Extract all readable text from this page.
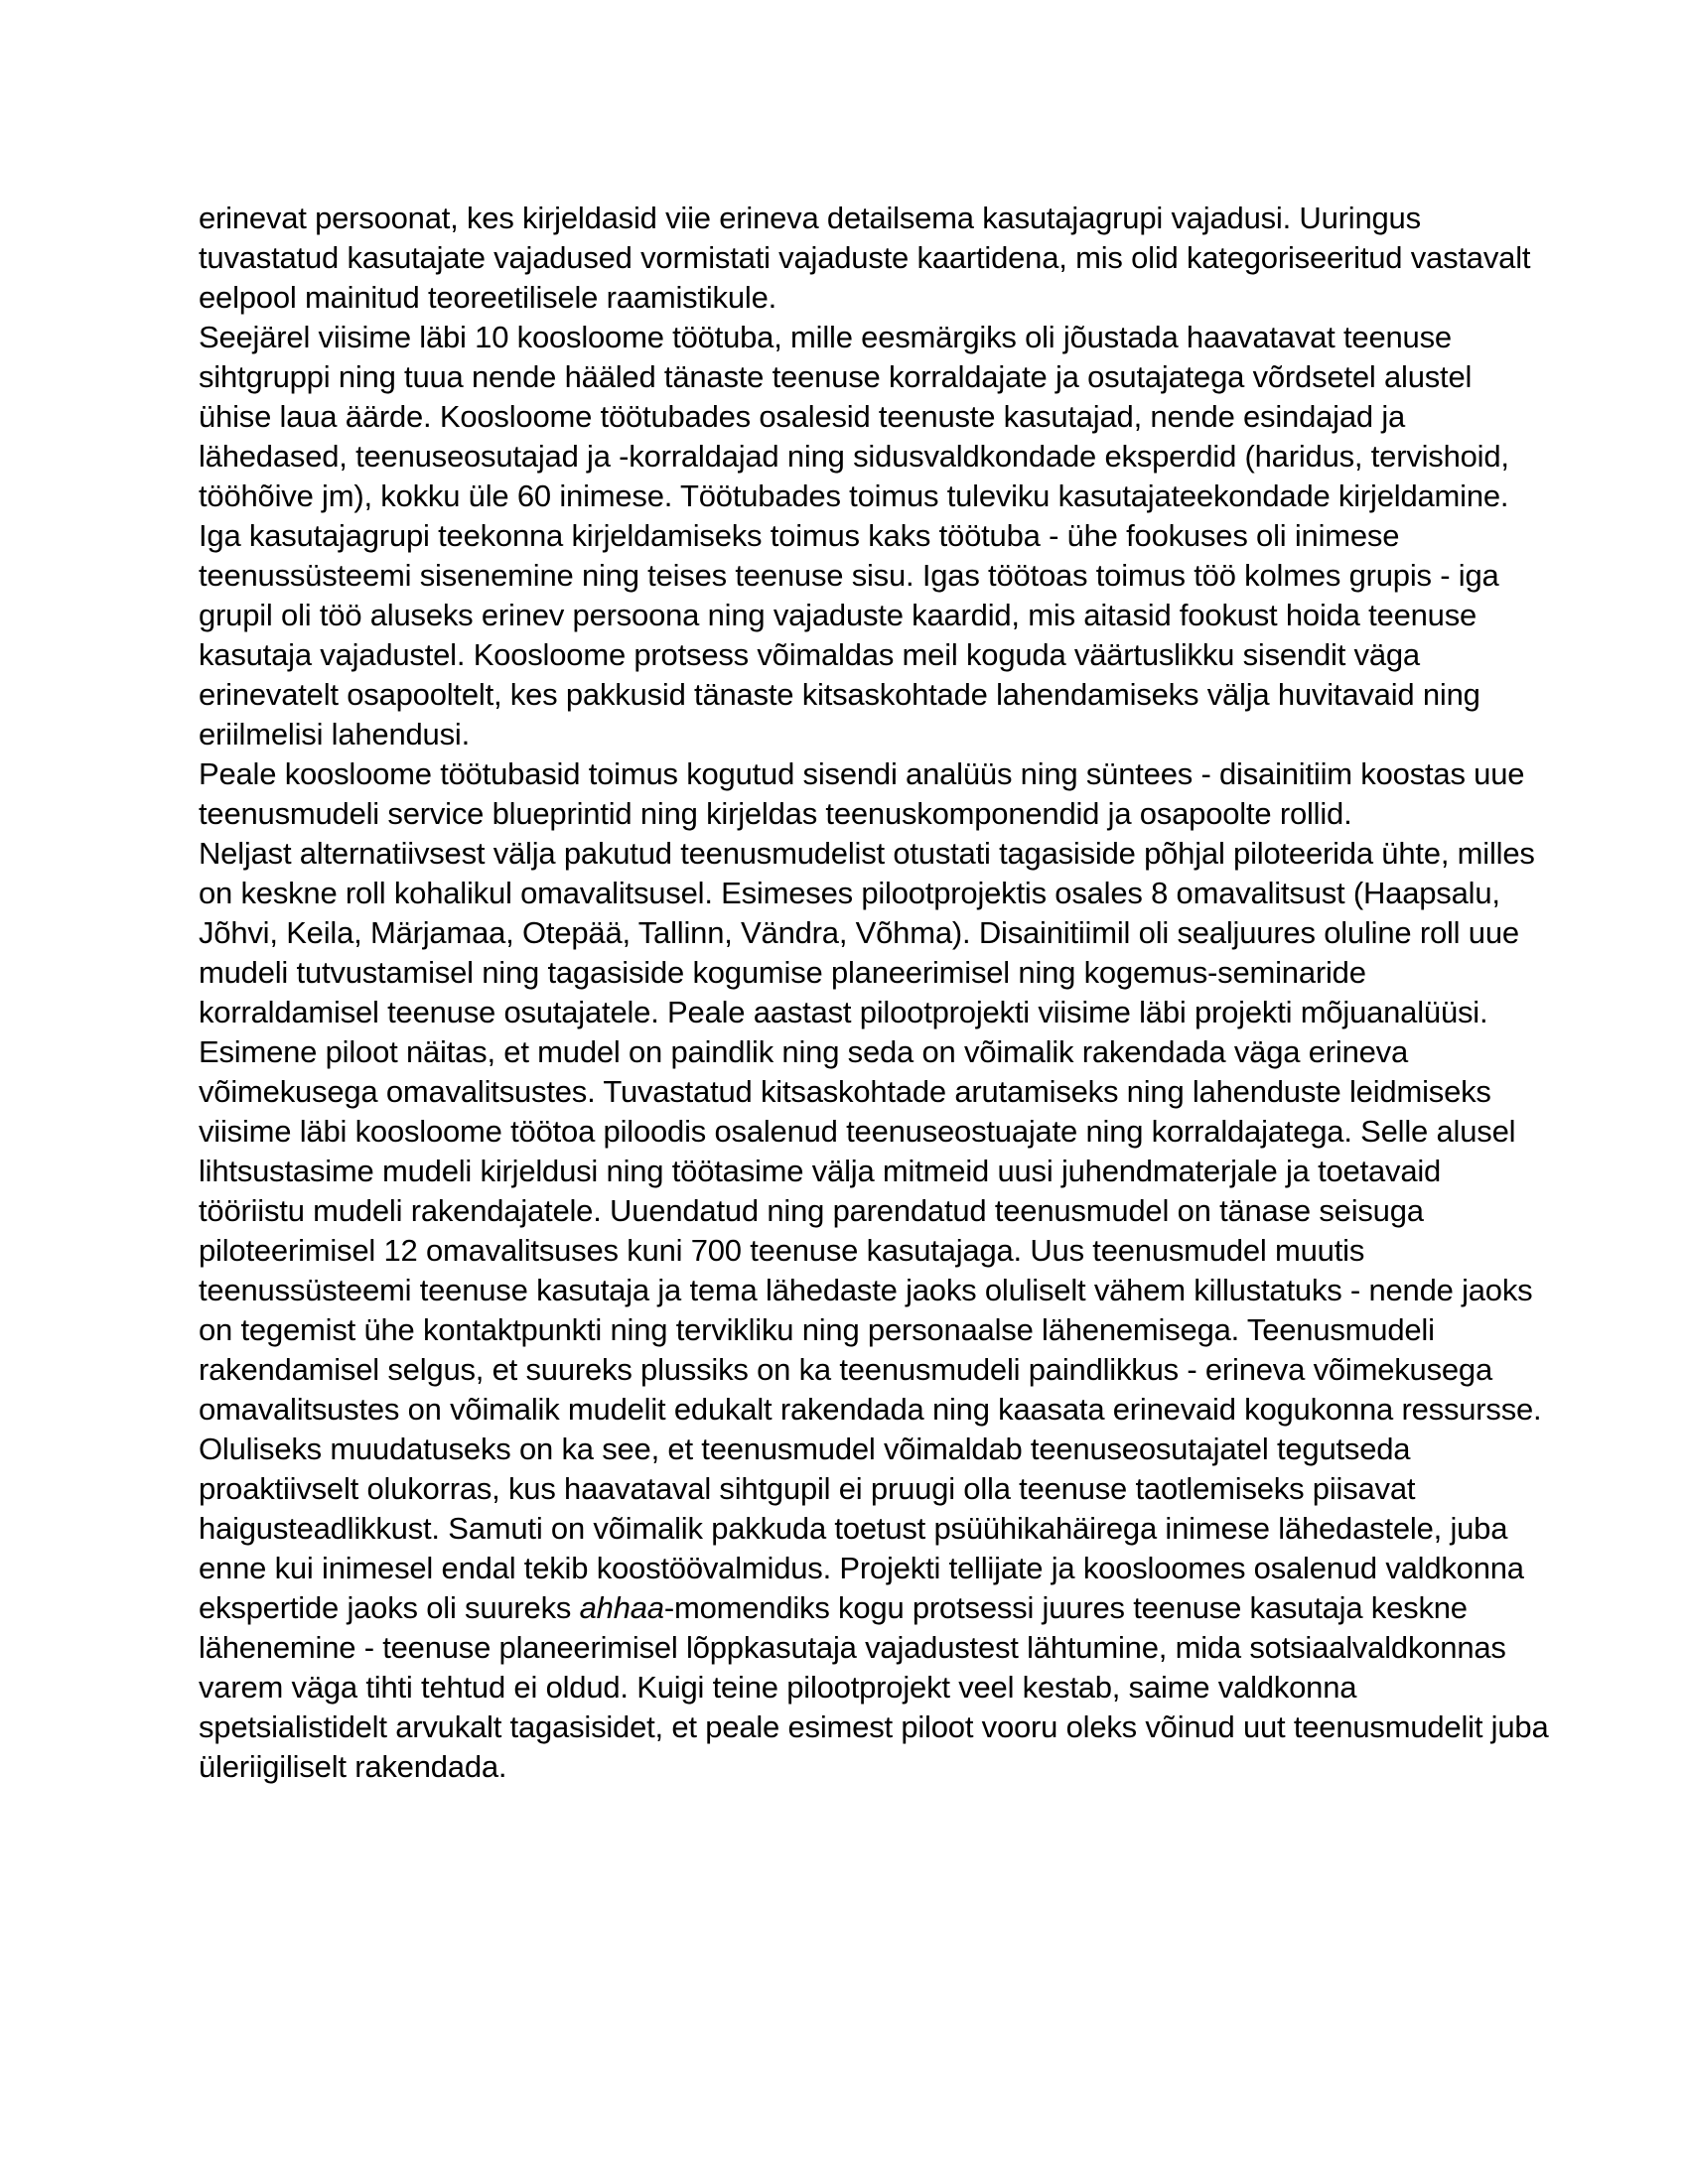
erinevat persoonat, kes kirjeldasid viie erineva detailsema kasutajagrupi vajadusi. Uuringus
tuvastatud kasutajate vajadused vormistati vajaduste kaartidena, mis olid kategoriseeritud vastavalt
eelpool mainitud teoreetilisele raamistikule.
Seejärel viisime läbi 10 koosloome töötuba, mille eesmärgiks oli jõustada haavatavat teenuse
sihtgruppi ning tuua nende hääled tänaste teenuse korraldajate ja osutajatega võrdsetel alustel
ühise laua äärde. Koosloome töötubades osalesid teenuste kasutajad, nende esindajad ja
lähedased, teenuseosutajad ja -korraldajad ning sidusvaldkondade eksperdid (haridus, tervishoid,
tööhõive jm), kokku üle 60 inimese. Töötubades toimus tuleviku kasutajateekondade kirjeldamine.
Iga kasutajagrupi teekonna kirjeldamiseks toimus kaks töötuba - ühe fookuses oli inimese
teenussüsteemi sisenemine ning teises teenuse sisu. Igas töötoas toimus töö kolmes grupis - iga
grupil oli töö aluseks erinev persoona ning vajaduste kaardid, mis aitasid fookust hoida teenuse
kasutaja vajadustel. Koosloome protsess võimaldas meil koguda väärtuslikku sisendit väga
erinevatelt osapooltelt, kes pakkusid tänaste kitsaskohtade lahendamiseks välja huvitavaid ning
eriilmelisi lahendusi.
Peale koosloome töötubasid toimus kogutud sisendi analüüs ning süntees - disainitiim koostas uue
teenusmudeli service blueprintid ning kirjeldas teenuskomponendid ja osapoolte rollid.
Neljast alternatiivsest välja pakutud teenusmudelist otustati tagasiside põhjal piloteerida ühte, milles
on keskne roll kohalikul omavalitsusel. Esimeses pilootprojektis osales 8 omavalitsust (Haapsalu,
Jõhvi, Keila, Märjamaa, Otepää, Tallinn, Vändra, Võhma). Disainitiimil oli sealjuures oluline roll uue
mudeli tutvustamisel ning tagasiside kogumise planeerimisel ning kogemus-seminaride
korraldamisel teenuse osutajatele. Peale aastast pilootprojekti viisime läbi projekti mõjuanalüüsi.
Esimene piloot näitas, et mudel on paindlik ning seda on võimalik rakendada väga erineva
võimekusega omavalitsustes. Tuvastatud kitsaskohtade arutamiseks ning lahenduste leidmiseks
viisime läbi koosloome töötoa piloodis osalenud teenuseostuajate ning korraldajatega. Selle alusel
lihtsustasime mudeli kirjeldusi ning töötasime välja mitmeid uusi juhendmaterjale ja toetavaid
tööriistu mudeli rakendajatele. Uuendatud ning parendatud teenusmudel on tänase seisuga
piloteerimisel 12 omavalitsuses kuni 700 teenuse kasutajaga. Uus teenusmudel muutis
teenussüsteemi teenuse kasutaja ja tema lähedaste jaoks oluliselt vähem killustatuks - nende jaoks
on tegemist ühe kontaktpunkti ning tervikliku ning personaalse lähenemisega. Teenusmudeli
rakendamisel selgus, et suureks plussiks on ka teenusmudeli paindlikkus - erineva võimekusega
omavalitsustes on võimalik mudelit edukalt rakendada ning kaasata erinevaid kogukonna ressursse.
Oluliseks muudatuseks on ka see, et teenusmudel võimaldab teenuseosutajatel tegutseda
proaktiivselt olukorras, kus haavataval sihtgupil ei pruugi olla teenuse taotlemiseks piisavat
haigusteadlikkust. Samuti on võimalik pakkuda toetust psüühikahäirega inimese lähedastele, juba
enne kui inimesel endal tekib koostöövalmidus. Projekti tellijate ja koosloomes osalenud valdkonna
ekspertide jaoks oli suureks ahhaa-momendiks kogu protsessi juures teenuse kasutaja keskne
lähenemine - teenuse planeerimisel lõppkasutaja vajadustest lähtumine, mida sotsiaalvaldkonnas
varem väga tihti tehtud ei oldud. Kuigi teine pilootprojekt veel kestab, saime valdkonna
spetsialistidelt arvukalt tagasisidet, et peale esimest piloot vooru oleks võinud uut teenusmudelit juba
üleriigiliselt rakendada.
